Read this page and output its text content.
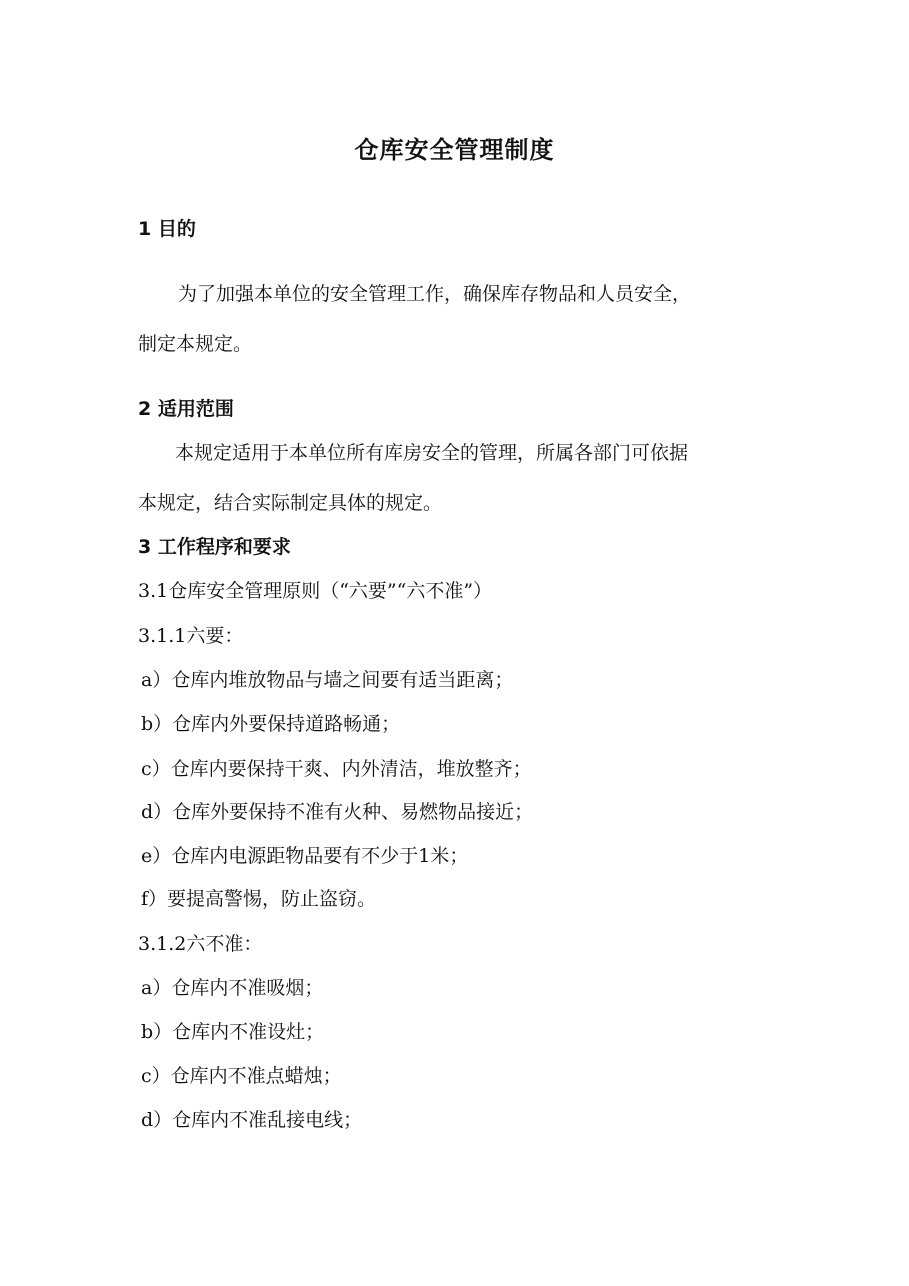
仓库安全管理制度
1 目的
为了加强本单位的安全管理工作，确保库存物品和人员安全，
制定本规定。
2 适用范围
本规定适用于本单位所有库房安全的管理，所属各部门可依据
本规定，结合实际制定具体的规定。
3 工作程序和要求
3.1仓库安全管理原则（“六要”“六不准”）
3.1.1六要：
a）仓库内堆放物品与墙之间要有适当距离；
b）仓库内外要保持道路畅通；
c）仓库内要保持干爽、内外清洁，堆放整齐；
d）仓库外要保持不准有火种、易燃物品接近；
e）仓库内电源距物品要有不少于1米；
f）要提高警惕，防止盗窃。
3.1.2六不准：
a）仓库内不准吸烟；
b）仓库内不准设灶；
c）仓库内不准点蜡烛；
d）仓库内不准乱接电线；
